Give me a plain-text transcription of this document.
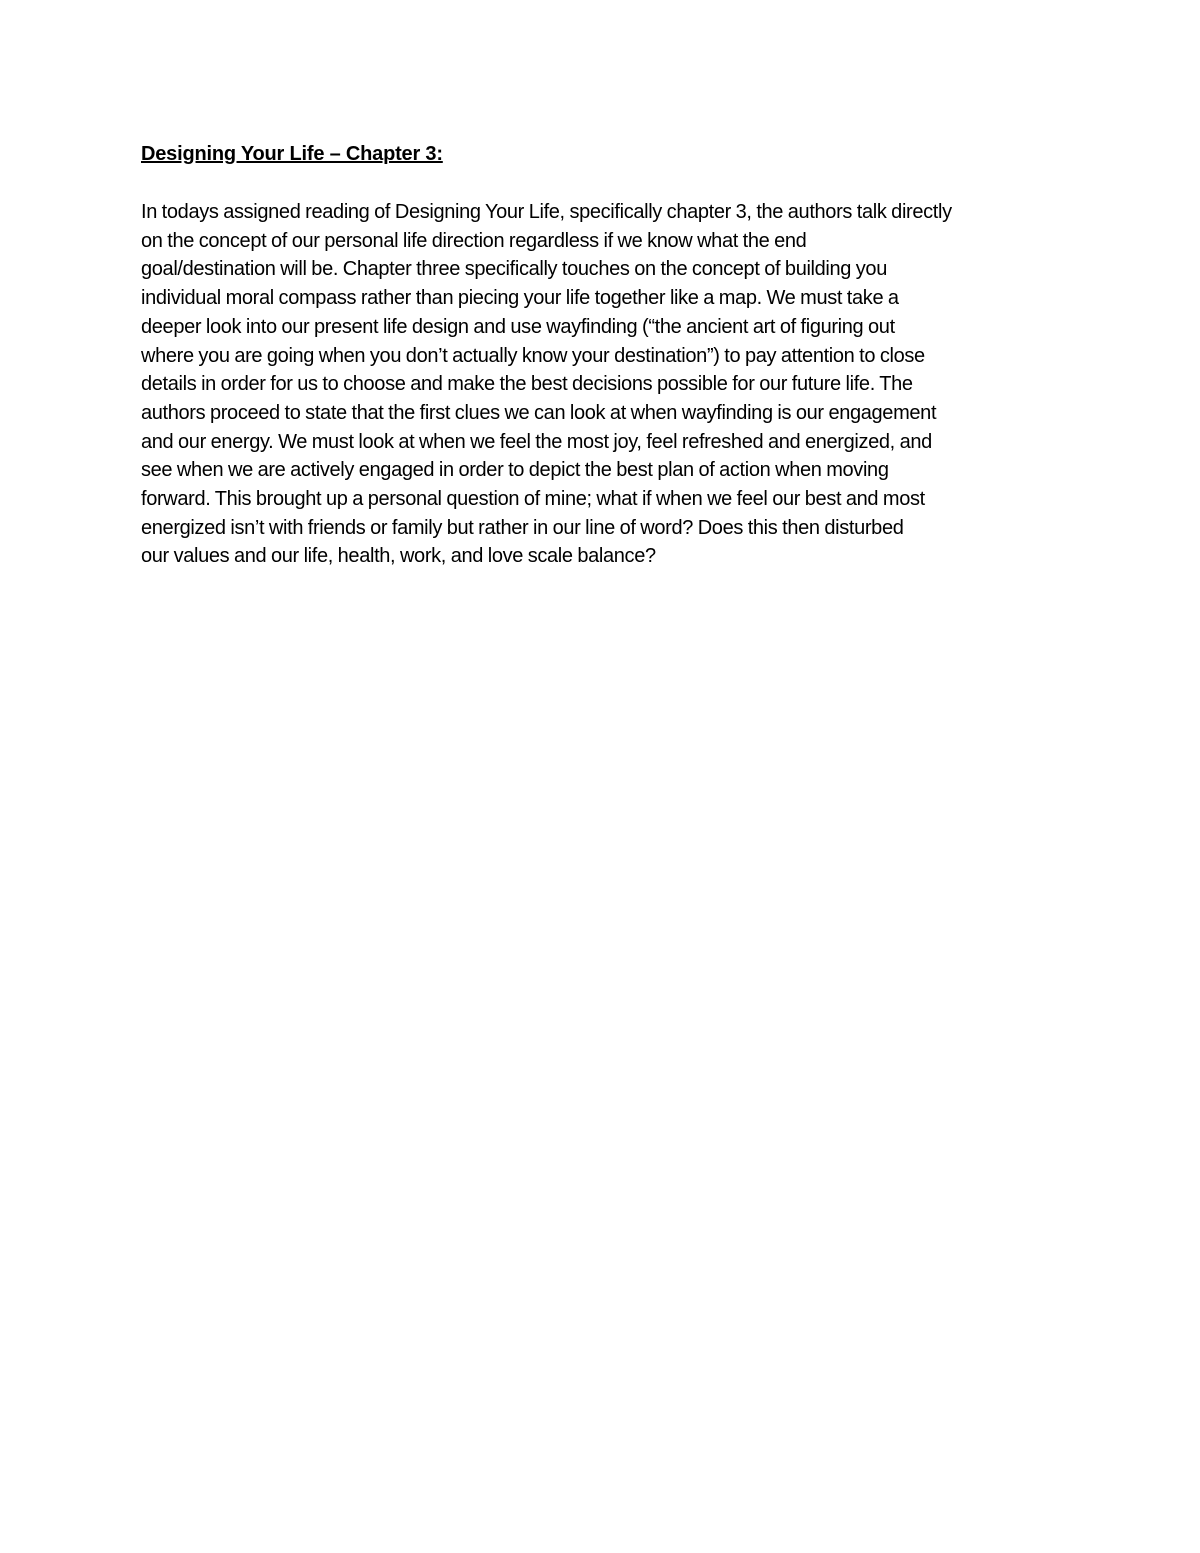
Designing Your Life – Chapter 3:

In todays assigned reading of Designing Your Life, specifically chapter 3, the authors talk directly
on the concept of our personal life direction regardless if we know what the end
goal/destination will be. Chapter three specifically touches on the concept of building you
individual moral compass rather than piecing your life together like a map. We must take a
deeper look into our present life design and use wayfinding (“the ancient art of figuring out
where you are going when you don’t actually know your destination”) to pay attention to close
details in order for us to choose and make the best decisions possible for our future life. The
authors proceed to state that the first clues we can look at when wayfinding is our engagement
and our energy. We must look at when we feel the most joy, feel refreshed and energized, and
see when we are actively engaged in order to depict the best plan of action when moving
forward. This brought up a personal question of mine; what if when we feel our best and most
energized isn’t with friends or family but rather in our line of word? Does this then disturbed
our values and our life, health, work, and love scale balance?
